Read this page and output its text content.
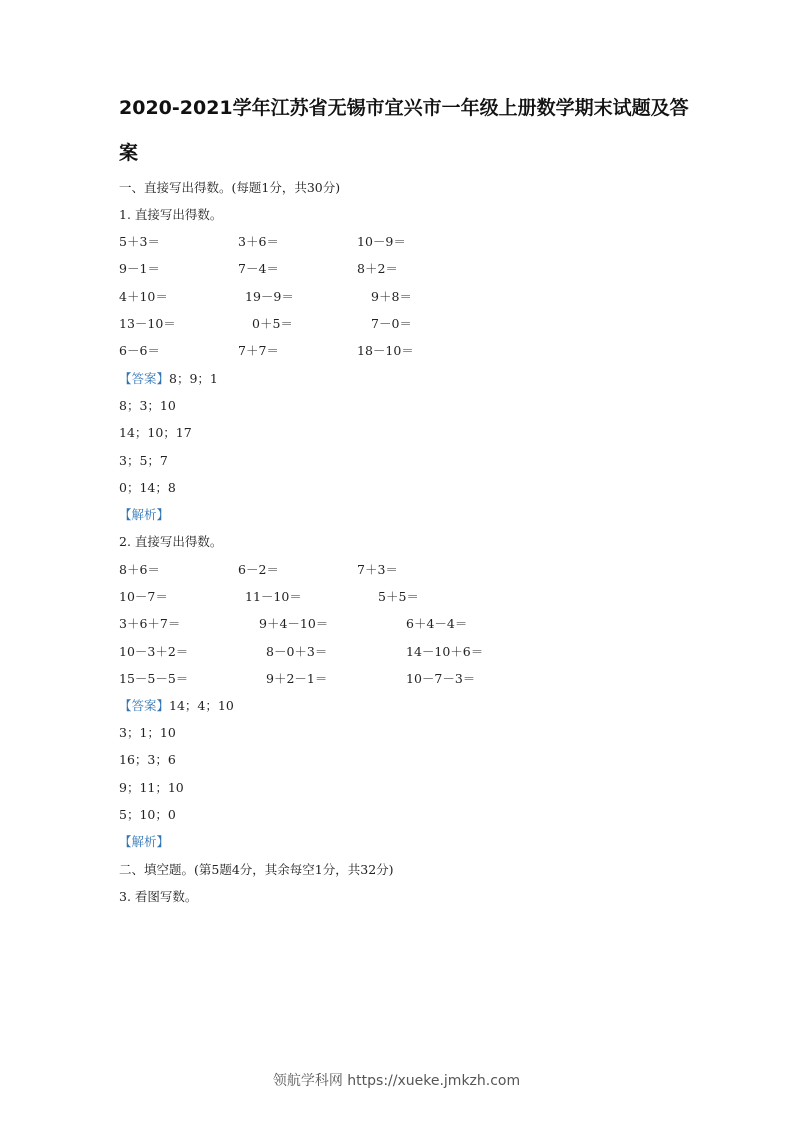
2020-2021学年江苏省无锡市宜兴市一年级上册数学期末试题及答案
一、直接写出得数。(每题1分，共30分)
1. 直接写出得数。
5＋3＝	3＋6＝	10－9＝
9－1＝	7－4＝	8＋2＝
4＋10＝	19－9＝	9＋8＝
13－10＝	0＋5＝	7－0＝
6－6＝	7＋7＝	18－10＝
【答案】8；9；1
8；3；10
14；10；17
3；5；7
0；14；8
【解析】
2. 直接写出得数。
8＋6＝	6－2＝	7＋3＝
10－7＝	11－10＝	5＋5＝
3＋6＋7＝	9＋4－10＝	6＋4－4＝
10－3＋2＝	8－0＋3＝	14－10＋6＝
15－5－5＝	9＋2－1＝	10－7－3＝
【答案】14；4；10
3；1；10
16；3；6
9；11；10
5；10；0
【解析】
二、填空题。(第5题4分，其余每空1分，共32分)
3. 看图写数。
领航学科网 https://xueke.jmkzh.com
